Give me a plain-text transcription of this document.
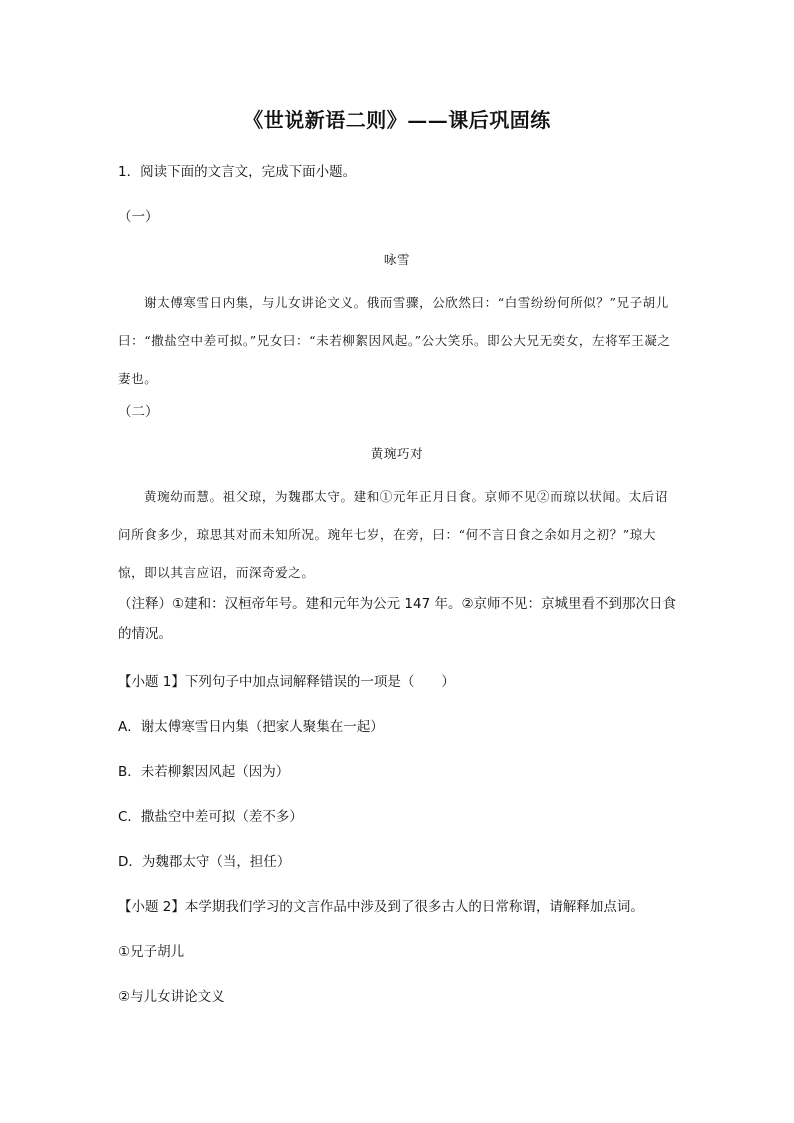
《世说新语二则》——课后巩固练
1．阅读下面的文言文，完成下面小题。
（一）
咏雪
谢太傅寒雪日内集，与儿女讲论文义。俄而雪骤，公欣然曰：“白雪纷纷何所似？”兄子胡儿曰：“撒盐空中差可拟。”兄女曰：“未若柳絮因风起。”公大笑乐。即公大兄无奕女，左将军王凝之妻也。
（二）
黄琬巧对
黄琬幼而慧。祖父琼，为魏郡太守。建和①元年正月日食。京师不见②而琼以状闻。太后诏问所食多少，琼思其对而未知所况。琬年七岁，在旁，曰：“何不言日食之余如月之初？”琼大惊，即以其言应诏，而深奇爱之。
（注释）①建和：汉桓帝年号。建和元年为公元 147 年。②京师不见：京城里看不到那次日食的情况。
【小题 1】下列句子中加点词解释错误的一项是（　　）
A．谢太傅寒雪日内集（把家人聚集在一起）
B．未若柳絮因风起（因为）
C．撒盐空中差可拟（差不多）
D．为魏郡太守（当，担任）
【小题 2】本学期我们学习的文言作品中涉及到了很多古人的日常称谓，请解释加点词。
①兄子胡儿
②与儿女讲论文义
